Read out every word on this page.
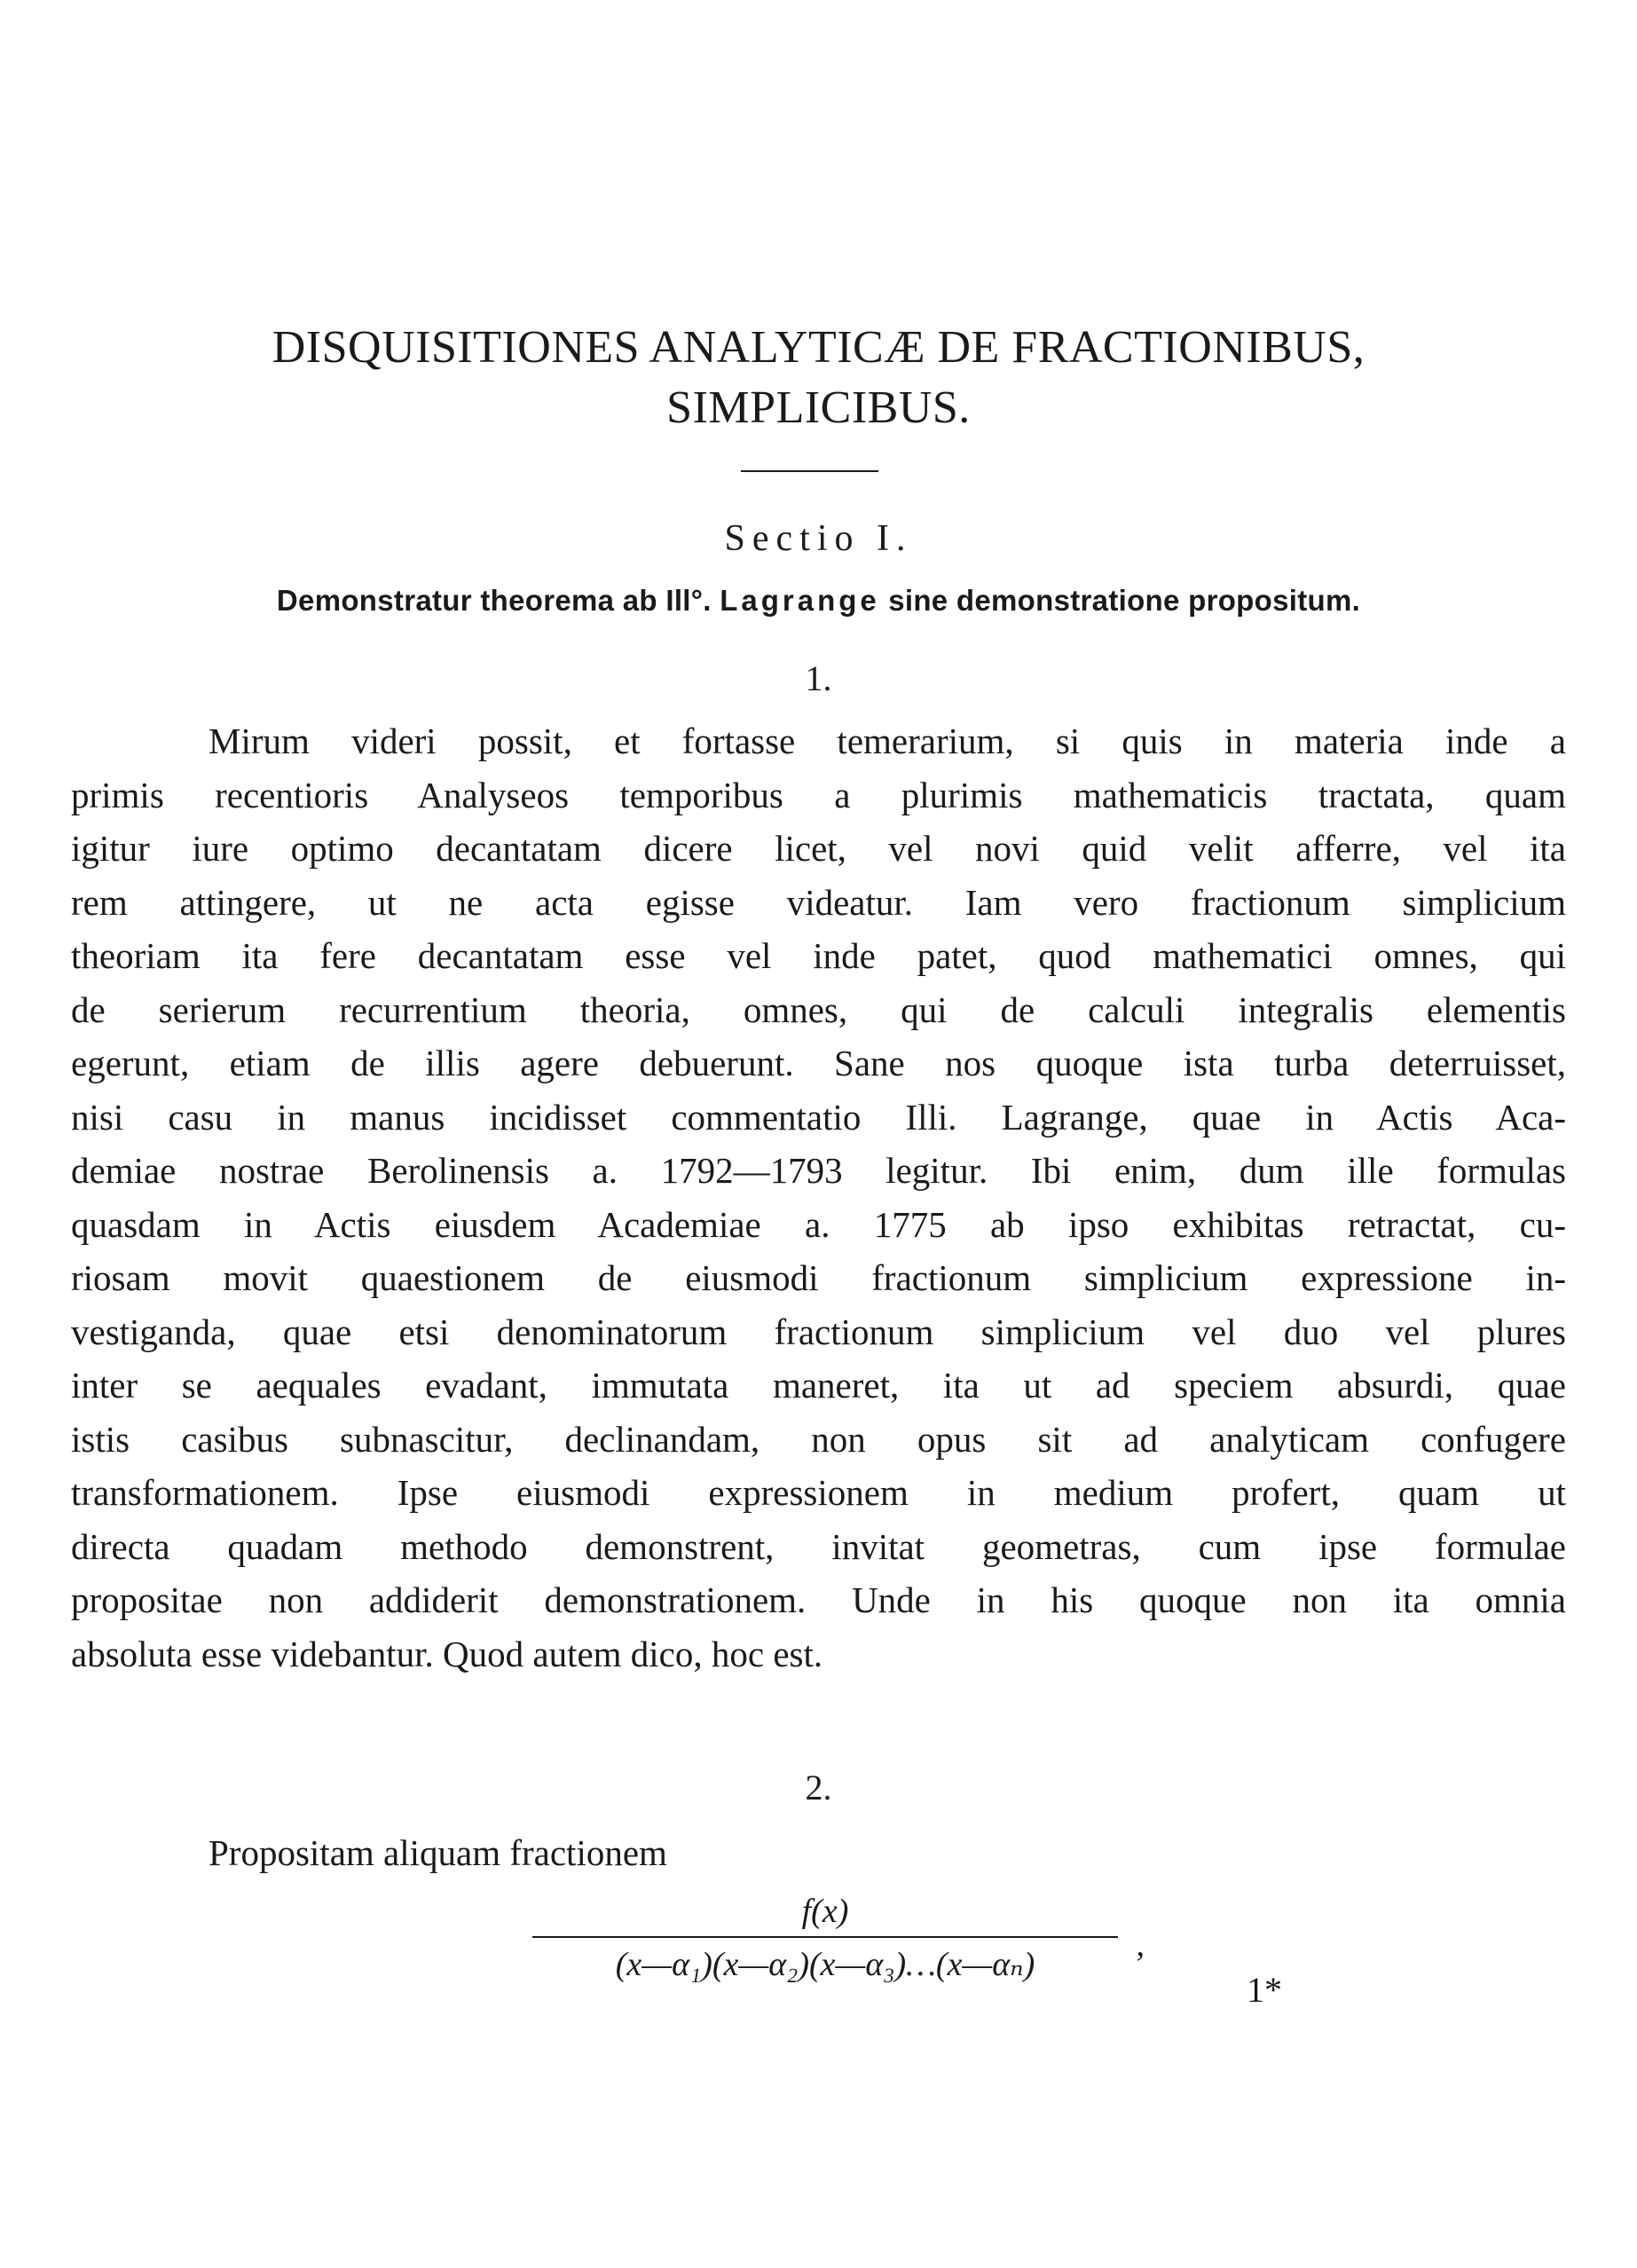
DISQUISITIONES ANALYTICÆ DE FRACTIONIBUS,
SIMPLICIBUS.
Sectio I.
Demonstratur theorema ab Ill°. Lagrange sine demonstratione propositum.
1.
Mirum videri possit, et fortasse temerarium, si quis in materia inde a
primis recentioris Analyseos temporibus a plurimis mathematicis tractata, quam
igitur iure optimo decantatam dicere licet, vel novi quid velit afferre, vel ita
rem attingere, ut ne acta egisse videatur. Iam vero fractionum simplicium
theoriam ita fere decantatam esse vel inde patet, quod mathematici omnes, qui
de serierum recurrentium theoria, omnes, qui de calculi integralis elementis
egerunt, etiam de illis agere debuerunt. Sane nos quoque ista turba deterruisset,
nisi casu in manus incidisset commentatio Illi. Lagrange, quae in Actis Aca-
demiae nostrae Berolinensis a. 1792—1793 legitur. Ibi enim, dum ille formulas
quasdam in Actis eiusdem Academiae a. 1775 ab ipso exhibitas retractat, cu-
riosam movit quaestionem de eiusmodi fractionum simplicium expressione in-
vestiganda, quae etsi denominatorum fractionum simplicium vel duo vel plures
inter se aequales evadant, immutata maneret, ita ut ad speciem absurdi, quae
istis casibus subnascitur, declinandam, non opus sit ad analyticam confugere
transformationem. Ipse eiusmodi expressionem in medium profert, quam ut
directa quadam methodo demonstrent, invitat geometras, cum ipse formulae
propositae non addiderit demonstrationem. Unde in his quoque non ita omnia
absoluta esse videbantur. Quod autem dico, hoc est.
2.
Propositam aliquam fractionem
f(x)
(x—α₁)(x—α₂)(x—α₃)…(x—αₙ)
,
1*
